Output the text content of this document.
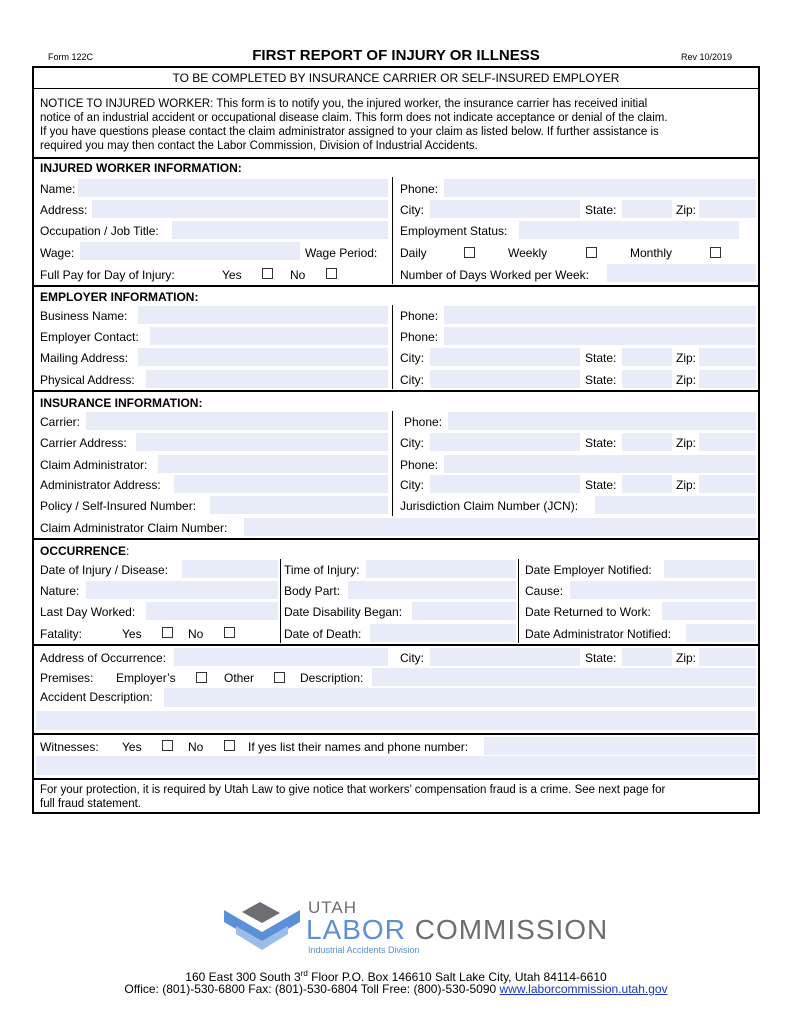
Form 122C	FIRST REPORT OF INJURY OR ILLNESS	Rev 10/2019
TO BE COMPLETED BY INSURANCE CARRIER OR SELF-INSURED EMPLOYER
NOTICE TO INJURED WORKER: This form is to notify you, the injured worker, the insurance carrier has received initial
notice of an industrial accident or occupational disease claim. This form does not indicate acceptance or denial of the claim.
If you have questions please contact the claim administrator assigned to your claim as listed below. If further assistance is
required you may then contact the Labor Commission, Division of Industrial Accidents.
INJURED WORKER INFORMATION:
Name:	Phone:
Address:	City:	State:	Zip:
Occupation / Job Title:	Employment Status:
Wage:	Wage Period: Daily	Weekly	Monthly
Full Pay for Day of Injury:	Yes	No	Number of Days Worked per Week:
EMPLOYER INFORMATION:
Business Name:	Phone:
Employer Contact:	Phone:
Mailing Address:	City:	State:	Zip:
Physical Address:	City:	State:	Zip:
INSURANCE INFORMATION:
Carrier:	Phone:
Carrier Address:	City:	State:	Zip:
Claim Administrator:	Phone:
Administrator Address:	City:	State:	Zip:
Policy / Self-Insured Number:	Jurisdiction Claim Number (JCN):
Claim Administrator Claim Number:
OCCURRENCE:
Date of Injury / Disease:	Time of Injury:	Date Employer Notified:
Nature:	Body Part:	Cause:
Last Day Worked:	Date Disability Began:	Date Returned to Work:
Fatality:	Yes	No	Date of Death:	Date Administrator Notified:
Address of Occurrence:	City:	State:	Zip:
Premises: Employer’s	Other	Description:
Accident Description:
Witnesses: Yes	No	If yes list their names and phone number:
For your protection, it is required by Utah Law to give notice that workers’ compensation fraud is a crime. See next page for
full fraud statement.
UTAH
LABOR COMMISSION
Industrial Accidents Division
160 East 300 South 3rd Floor P.O. Box 146610 Salt Lake City, Utah 84114-6610
Office: (801)-530-6800 Fax: (801)-530-6804 Toll Free: (800)-530-5090 www.laborcommission.utah.gov
